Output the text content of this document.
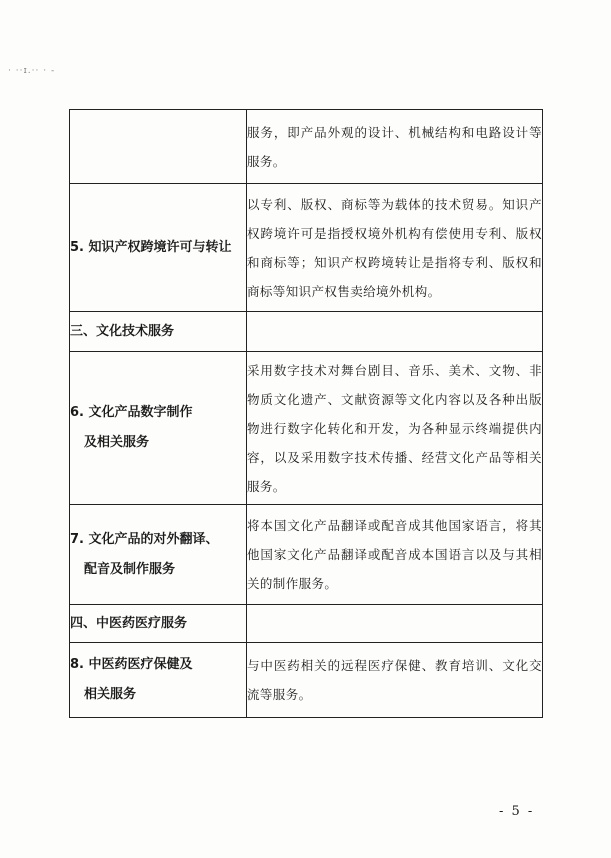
· ··ɪ.·· · -
	服务，即产品外观的设计、机械结构和电路设计等服务。
5. 知识产权跨境许可与转让	以专利、版权、商标等为载体的技术贸易。知识产权跨境许可是指授权境外机构有偿使用专利、版权和商标等；知识产权跨境转让是指将专利、版权和商标等知识产权售卖给境外机构。
三、文化技术服务	
6. 文化产品数字制作
及相关服务	采用数字技术对舞台剧目、音乐、美术、文物、非物质文化遗产、文献资源等文化内容以及各种出版物进行数字化转化和开发，为各种显示终端提供内容，以及采用数字技术传播、经营文化产品等相关服务。
7. 文化产品的对外翻译、
配音及制作服务	将本国文化产品翻译或配音成其他国家语言，将其他国家文化产品翻译或配音成本国语言以及与其相关的制作服务。
四、中医药医疗服务	
8. 中医药医疗保健及
相关服务	与中医药相关的远程医疗保健、教育培训、文化交流等服务。
- 5 -
